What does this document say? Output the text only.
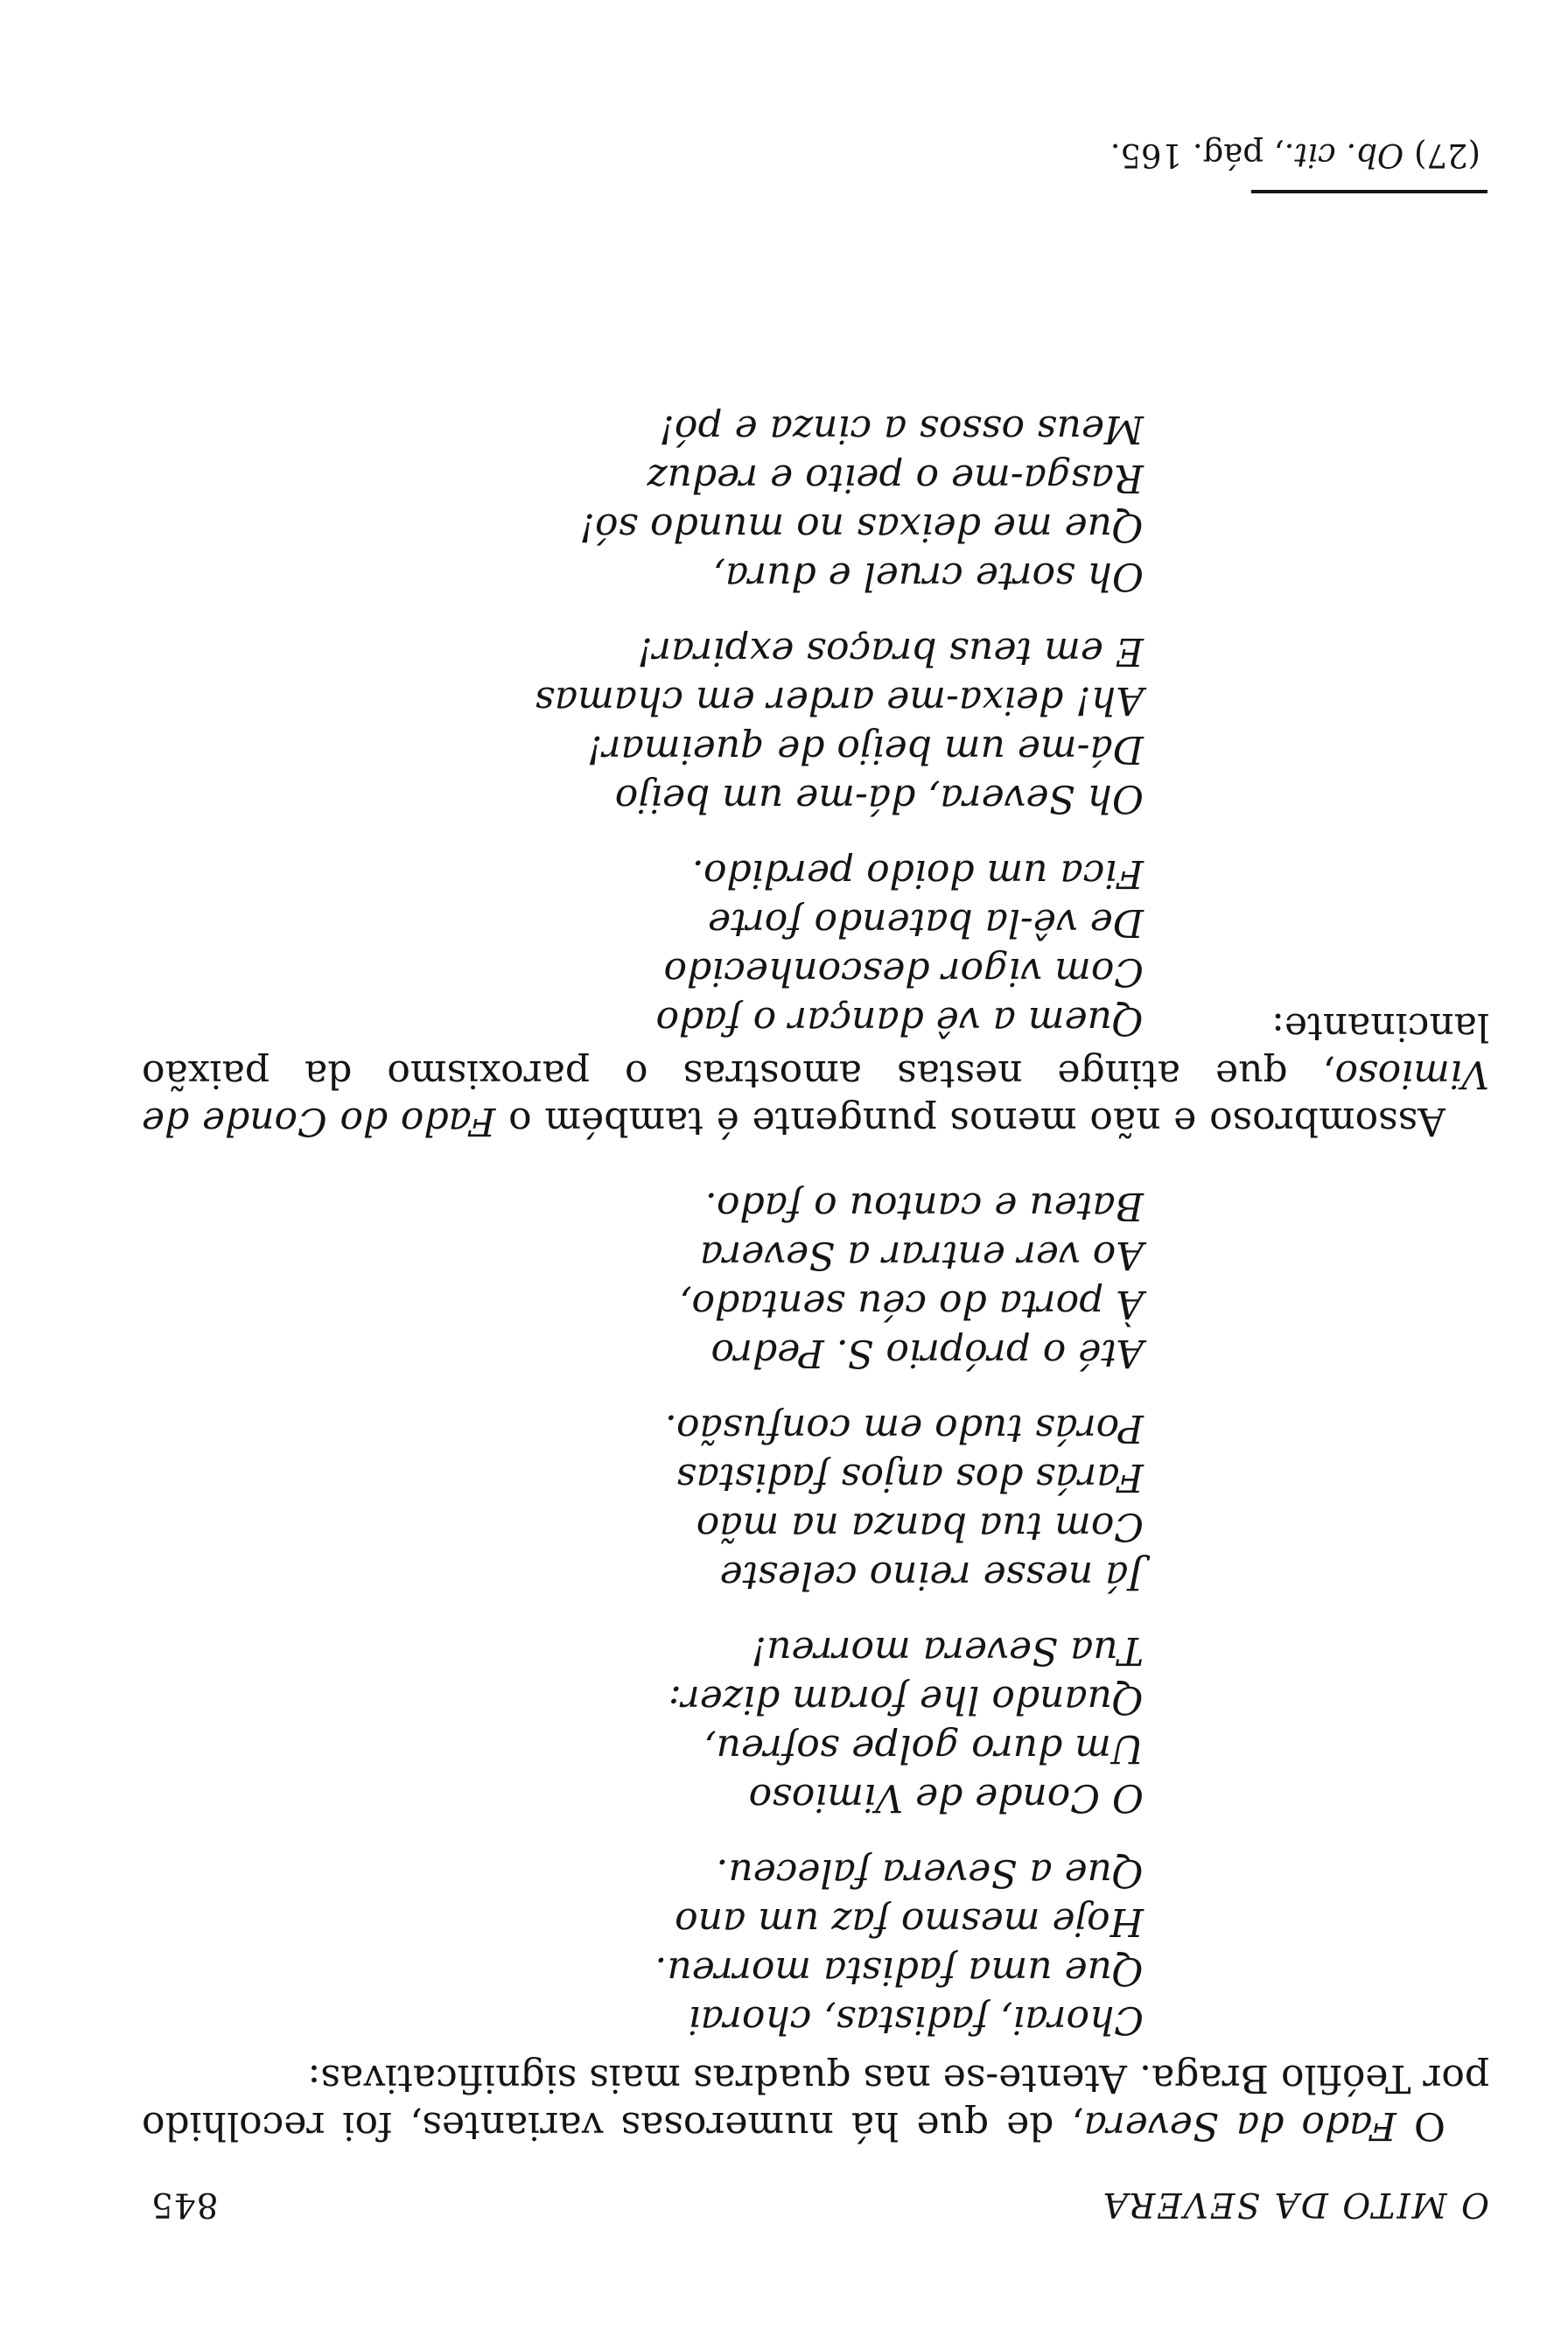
O MITO DA SEVERA
845
O Fado da Severa, de que há numerosas variantes, foi recolhido por Teófilo Braga. Atente-se nas quadras mais significativas:
Chorai, fadistas, chorai
Que uma fadista morreu.
Hoje mesmo faz um ano
Que a Severa faleceu.
O Conde de Vimioso
Um duro golpe sofreu,
Quando lhe foram dizer:
Tua Severa morreu!
Já nesse reino celeste
Com tua banza na mão
Farás dos anjos fadistas
Porás tudo em confusão.
Até o próprio S. Pedro
À porta do céu sentado,
Ao ver entrar a Severa
Bateu e cantou o fado.
Assombroso e não menos pungente é também o Fado do Conde de Vimioso, que atinge nestas amostras o paroxismo da paixão lancinante:
Quem a vê dançar o fado
Com vigor desconhecido
De vê-la batendo forte
Fica um doido perdido.
Oh Severa, dá-me um beijo
Dá-me um beijo de queimar!
Ah! deixa-me arder em chamas
E em teus braços expirar!
Oh sorte cruel e dura,
Que me deixas no mundo só!
Rasga-me o peito e reduz
Meus ossos a cinza e pó!
(27) Ob. cit., pág. 165.
